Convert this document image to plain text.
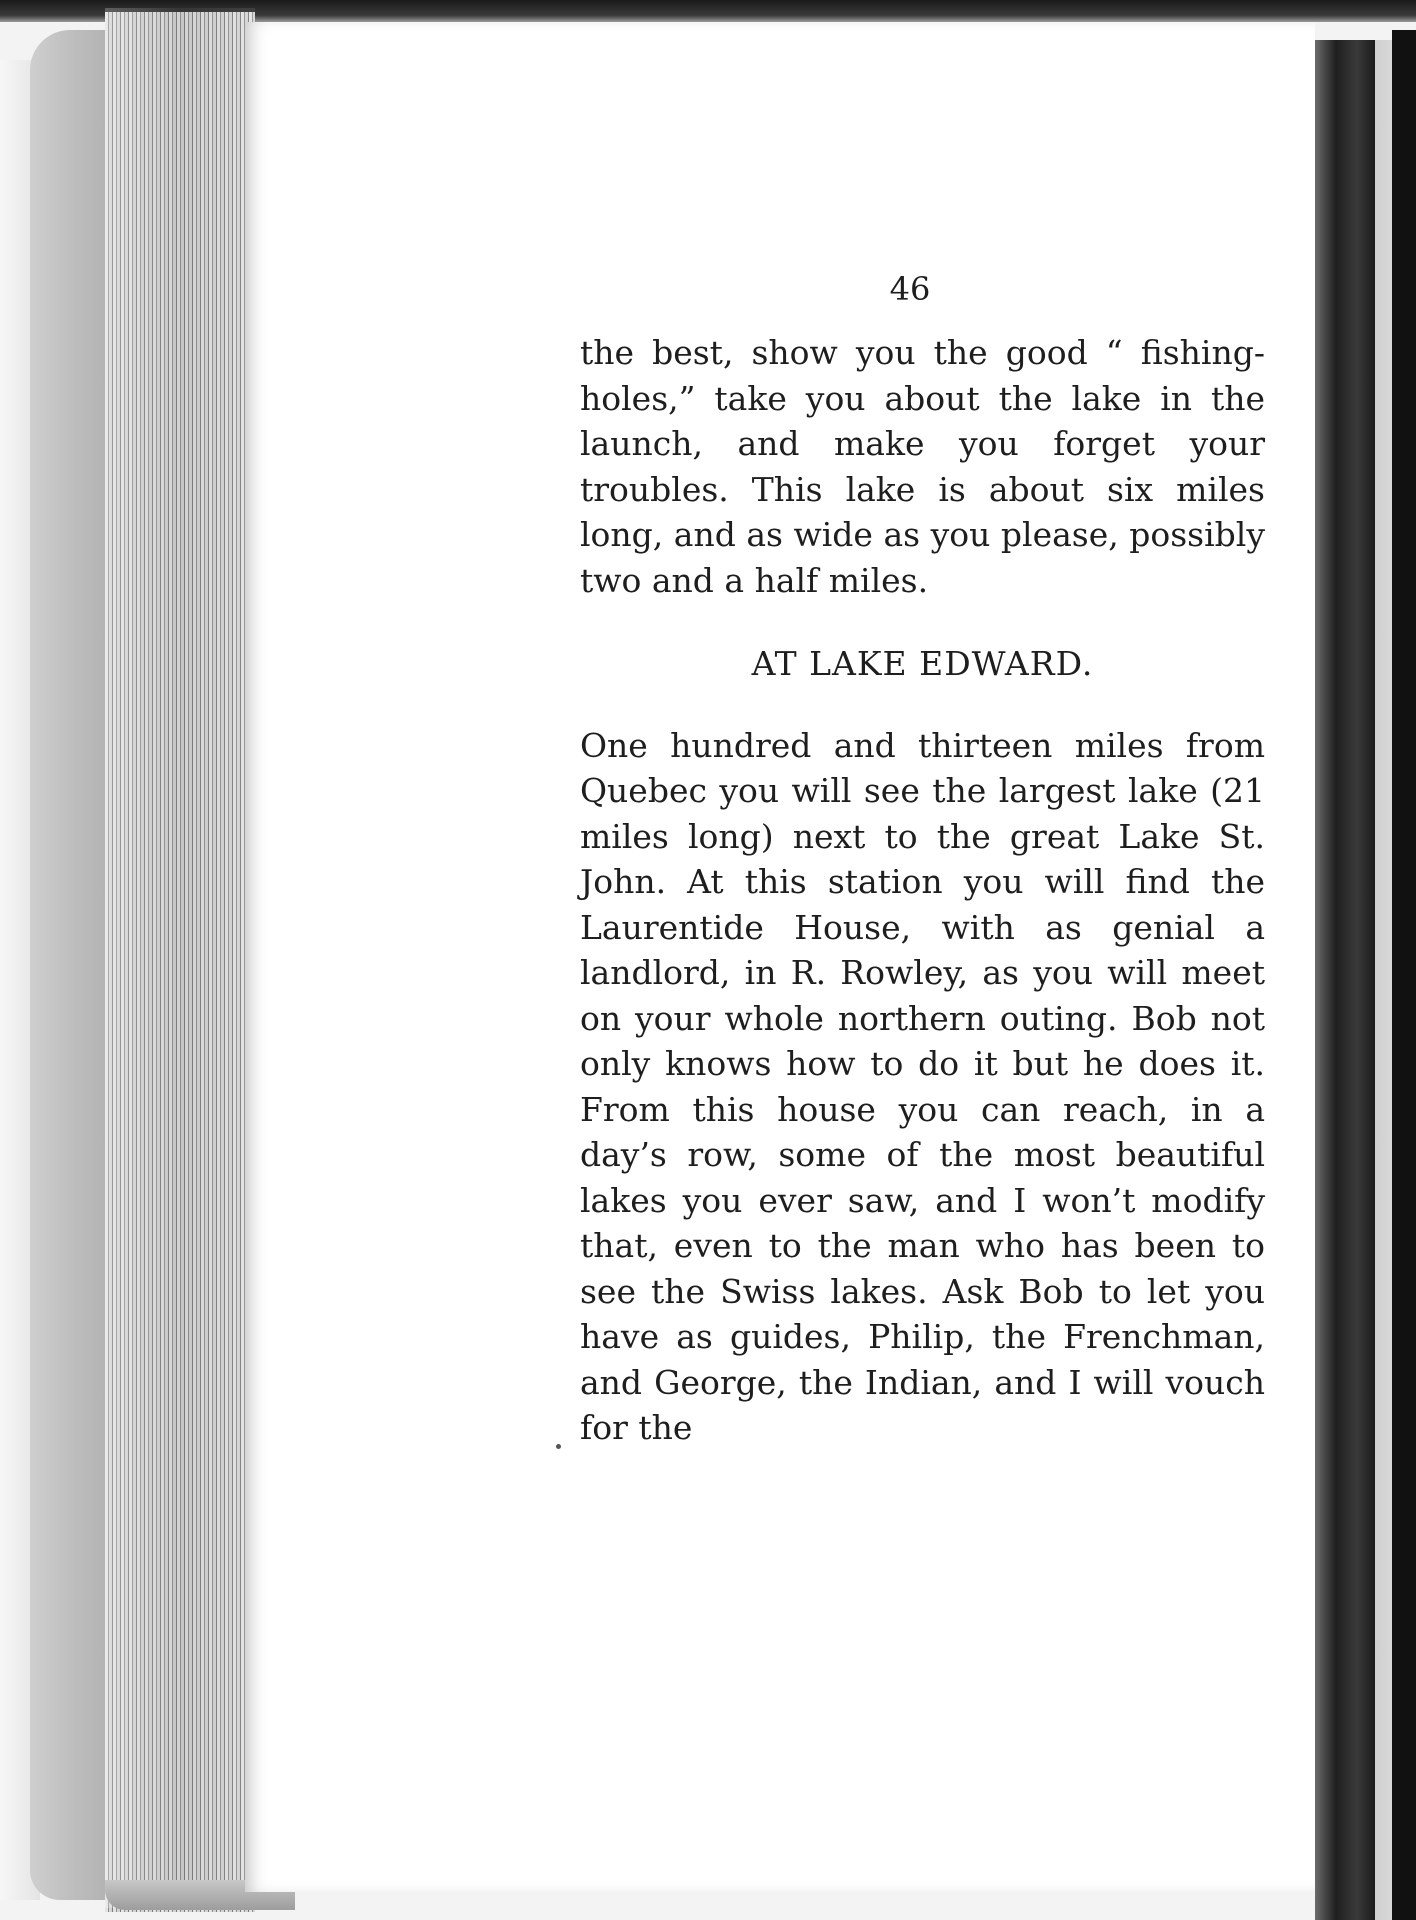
46

the best, show you the good “ fishing-holes,” take you about the lake in the launch, and make you forget your troubles. This lake is about six miles long, and as wide as you please, possibly two and a half miles.

AT LAKE EDWARD.

One hundred and thirteen miles from Quebec you will see the largest lake (21 miles long) next to the great Lake St. John. At this station you will find the Laurentide House, with as genial a landlord, in R. Rowley, as you will meet on your whole northern outing. Bob not only knows how to do it but he does it. From this house you can reach, in a day’s row, some of the most beautiful lakes you ever saw, and I won’t modify that, even to the man who has been to see the Swiss lakes. Ask Bob to let you have as guides, Philip, the Frenchman, and George, the Indian, and I will vouch for the
